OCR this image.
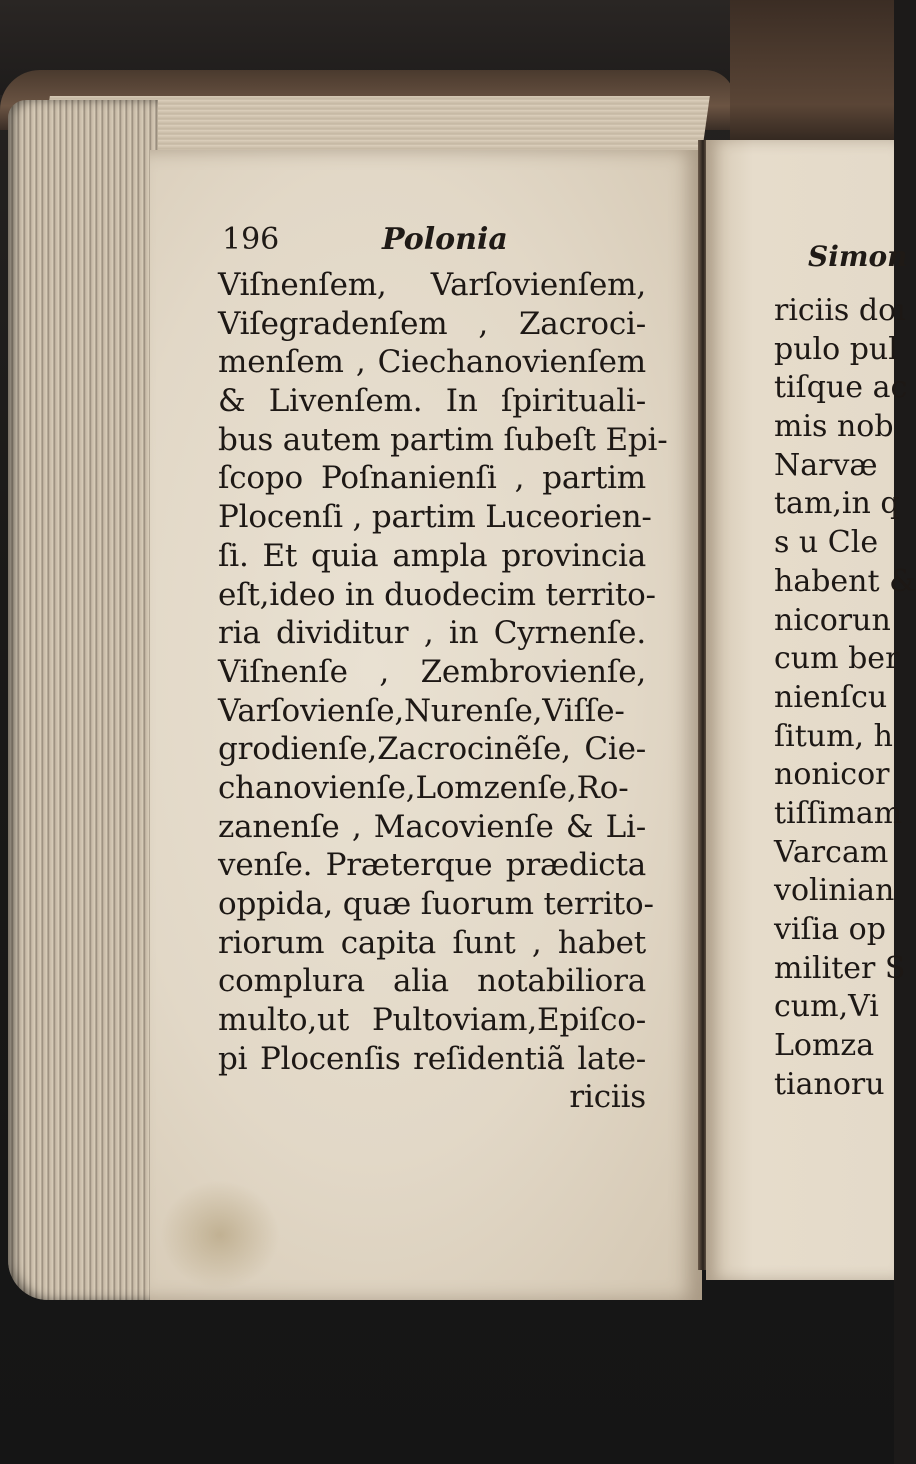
196	Polonia
Viſnenſem, Varſovienſem,
Viſegradenſem , Zacroci-
menſem , Ciechanovienſem
& Livenſem. In ſpirituali-
bus autem partim ſubeſt Epi-
ſcopo Poſnanienſi , partim
Plocenſi , partim Luceorien-
ſi. Et quia ampla provincia
eſt,ideo in duodecim territo-
ria dividitur , in Cyrnenſe.
Viſnenſe , Zembrovienſe,
Varſovienſe,Nurenſe,Viſſe-
grodienſe,Zacrocinẽſe, Cie-
chanovienſe,Lomzenſe,Ro-
zanenſe , Macovienſe & Li-
venſe. Præterque prædicta
oppida, quæ ſuorum territo-
riorum capita ſunt , habet
complura alia notabiliora
multo,ut Pultoviam,Epiſco-
pi Plocenſis reſidentiã late-
riciis
Simon
riciis doı
pulo pul
tiſque ac
mis nob
Narvæ
tam,in q
s u Cle
habent &
nicorun
cum ber
nienſcu
ſitum, h
nonicor
tiſſimam
Varcam
volinian
viſia op
militer S
cum,Vi
Lomza
tianoru
